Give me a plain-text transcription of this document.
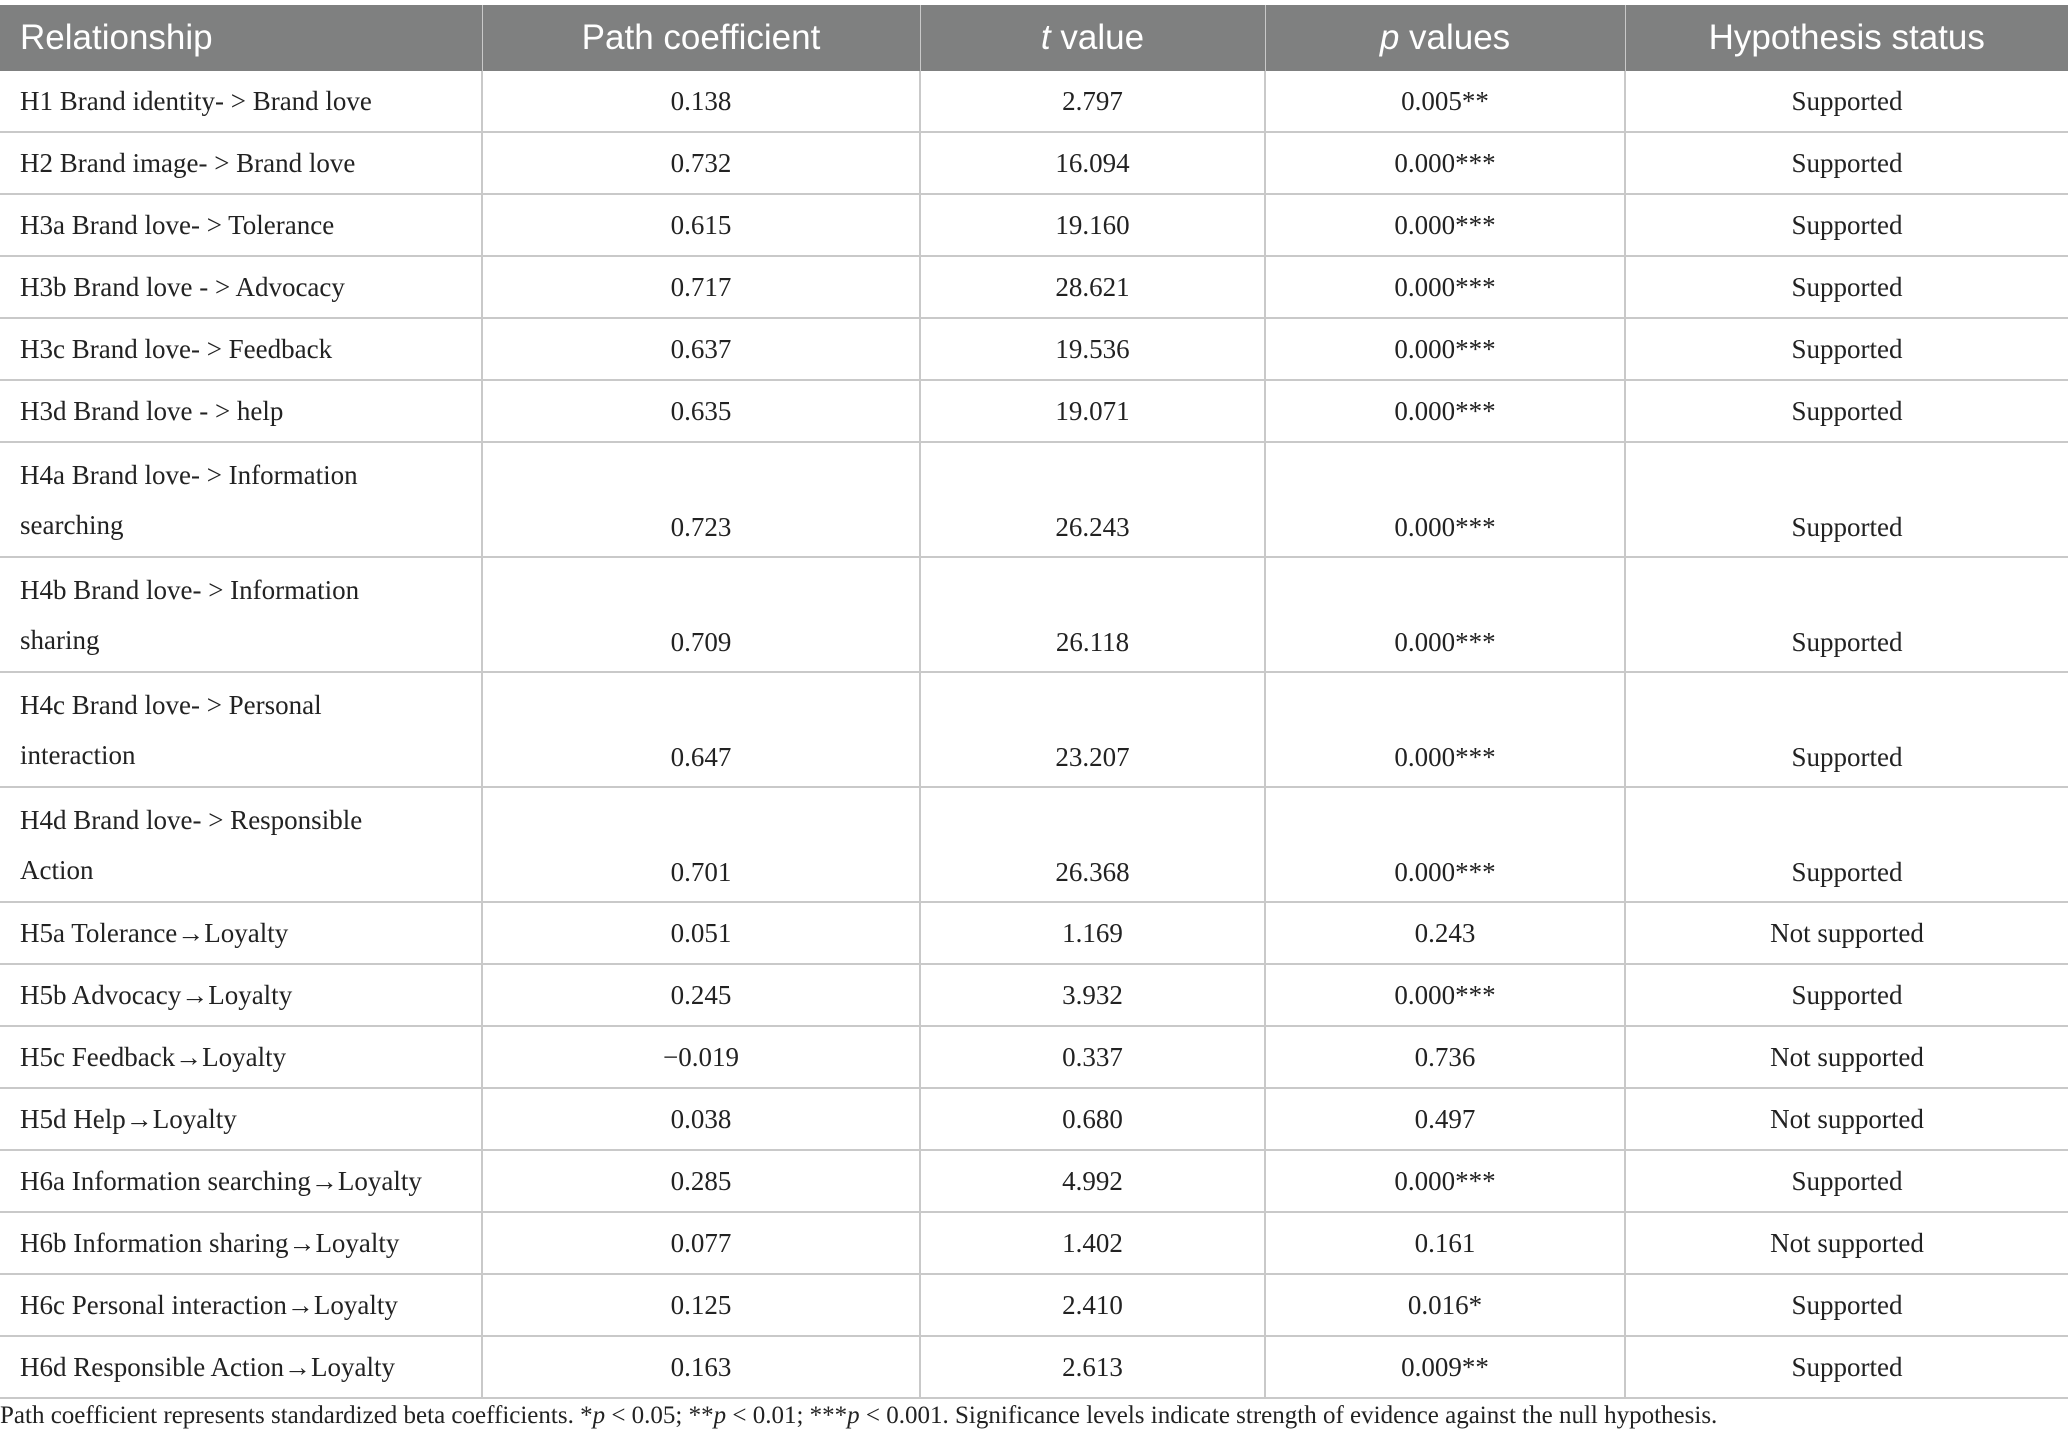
Relationship	Path coefficient	t value	p values	Hypothesis status
H1 Brand identity- > Brand love	0.138	2.797	0.005**	Supported
H2 Brand image- > Brand love	0.732	16.094	0.000***	Supported
H3a Brand love- > Tolerance	0.615	19.160	0.000***	Supported
H3b Brand love - > Advocacy	0.717	28.621	0.000***	Supported
H3c Brand love- > Feedback	0.637	19.536	0.000***	Supported
H3d Brand love - > help	0.635	19.071	0.000***	Supported
H4a Brand love- > Information
searching	0.723	26.243	0.000***	Supported
H4b Brand love- > Information
sharing	0.709	26.118	0.000***	Supported
H4c Brand love- > Personal
interaction	0.647	23.207	0.000***	Supported
H4d Brand love- > Responsible
Action	0.701	26.368	0.000***	Supported
H5a Tolerance→Loyalty	0.051	1.169	0.243	Not supported
H5b Advocacy→Loyalty	0.245	3.932	0.000***	Supported
H5c Feedback→Loyalty	−0.019	0.337	0.736	Not supported
H5d Help→Loyalty	0.038	0.680	0.497	Not supported
H6a Information searching→Loyalty	0.285	4.992	0.000***	Supported
H6b Information sharing→Loyalty	0.077	1.402	0.161	Not supported
H6c Personal interaction→Loyalty	0.125	2.410	0.016*	Supported
H6d Responsible Action→Loyalty	0.163	2.613	0.009**	Supported
Path coefficient represents standardized beta coefficients. *p < 0.05; **p < 0.01; ***p < 0.001. Significance levels indicate strength of evidence against the null hypothesis.
